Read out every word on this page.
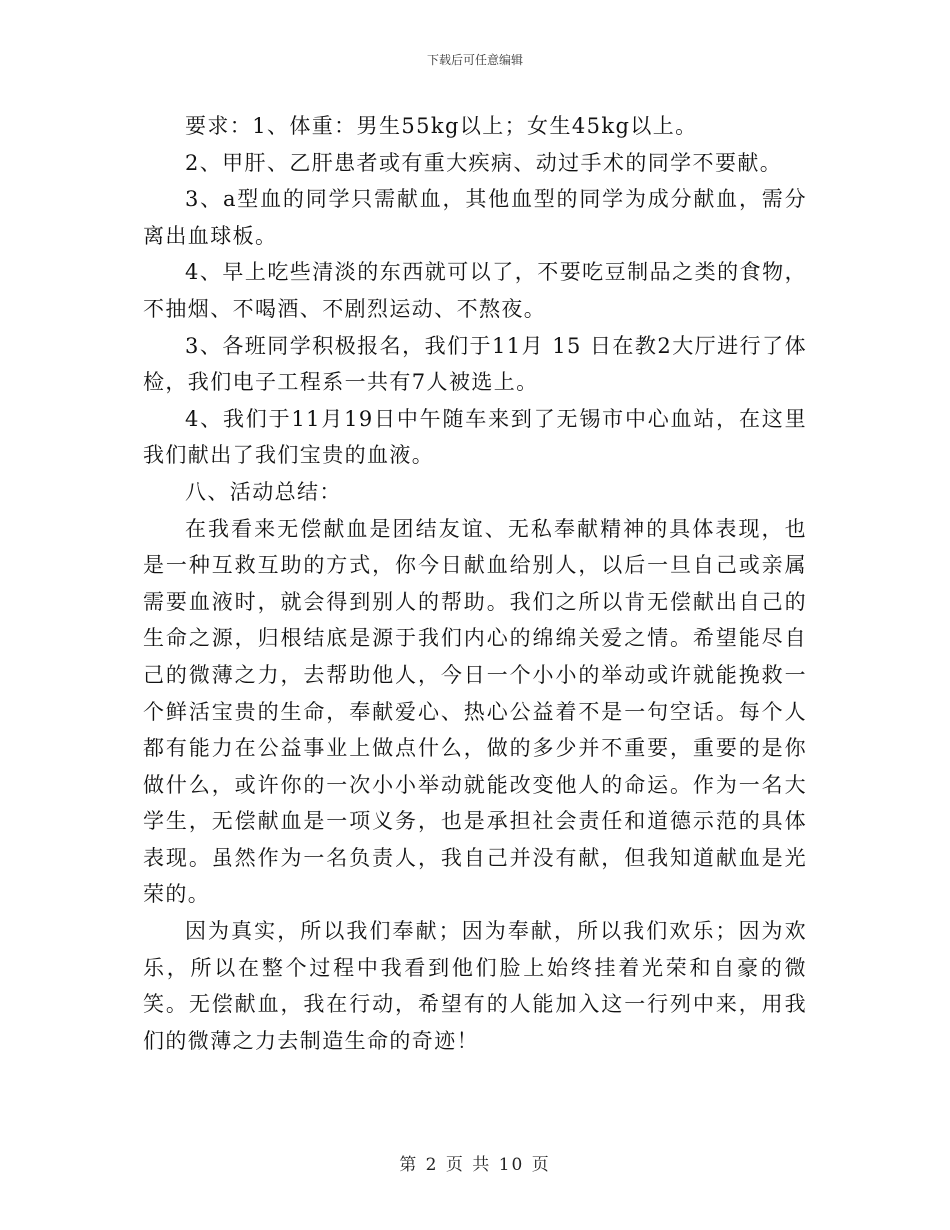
下载后可任意编辑

要求：1、体重：男生55kg以上；女生45kg以上。

2、甲肝、乙肝患者或有重大疾病、动过手术的同学不要献。

3、a型血的同学只需献血，其他血型的同学为成分献血，需分离出血球板。

4、早上吃些清淡的东西就可以了，不要吃豆制品之类的食物，不抽烟、不喝酒、不剧烈运动、不熬夜。

3、各班同学积极报名，我们于11月 15 日在教2大厅进行了体检，我们电子工程系一共有7人被选上。

4、我们于11月19日中午随车来到了无锡市中心血站，在这里我们献出了我们宝贵的血液。

八、活动总结：

在我看来无偿献血是团结友谊、无私奉献精神的具体表现，也是一种互救互助的方式，你今日献血给别人，以后一旦自己或亲属需要血液时，就会得到别人的帮助。我们之所以肯无偿献出自己的生命之源，归根结底是源于我们内心的绵绵关爱之情。希望能尽自己的微薄之力，去帮助他人，今日一个小小的举动或许就能挽救一个鲜活宝贵的生命，奉献爱心、热心公益着不是一句空话。每个人都有能力在公益事业上做点什么，做的多少并不重要，重要的是你做什么，或许你的一次小小举动就能改变他人的命运。作为一名大学生，无偿献血是一项义务，也是承担社会责任和道德示范的具体表现。虽然作为一名负责人，我自己并没有献，但我知道献血是光荣的。

因为真实，所以我们奉献；因为奉献，所以我们欢乐；因为欢乐，所以在整个过程中我看到他们脸上始终挂着光荣和自豪的微笑。无偿献血，我在行动，希望有的人能加入这一行列中来，用我们的微薄之力去制造生命的奇迹！

第 2 页 共 10 页
